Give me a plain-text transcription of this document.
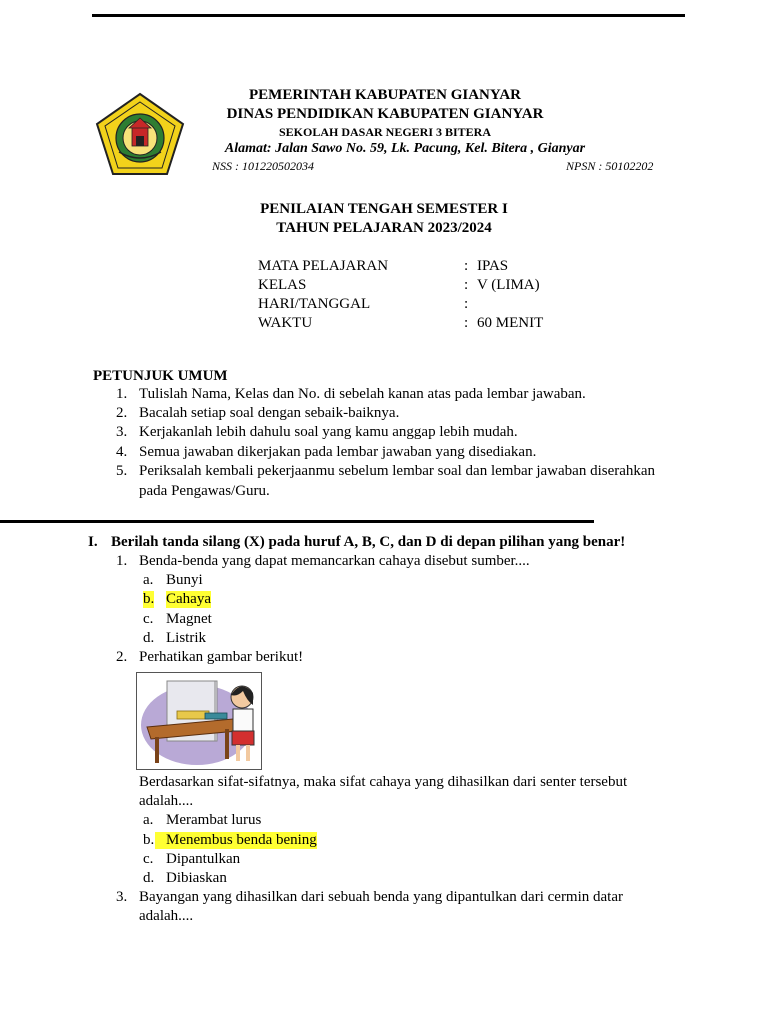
PEMERINTAH KABUPATEN GIANYAR
DINAS PENDIDIKAN KABUPATEN GIANYAR
SEKOLAH DASAR NEGERI 3 BITERA
Alamat: Jalan Sawo No. 59, Lk. Pacung, Kel. Bitera , Gianyar
NSS : 101220502034	NPSN : 50102202
PENILAIAN TENGAH SEMESTER I
TAHUN PELAJARAN 2023/2024
MATA PELAJARAN	: IPAS
KELAS	: V (LIMA)
HARI/TANGGAL	:
WAKTU	: 60 MENIT
PETUNJUK UMUM
1. Tulislah Nama, Kelas dan No. di sebelah kanan atas pada lembar jawaban.
2. Bacalah setiap soal dengan sebaik-baiknya.
3. Kerjakanlah lebih dahulu soal yang kamu anggap lebih mudah.
4. Semua jawaban dikerjakan pada lembar jawaban yang disediakan.
5. Periksalah kembali pekerjaanmu sebelum lembar soal dan lembar jawaban diserahkan
pada Pengawas/Guru.
I. Berilah tanda silang (X) pada huruf A, B, C, dan D di depan pilihan yang benar!
1. Benda-benda yang dapat memancarkan cahaya disebut sumber....
a. Bunyi
b. Cahaya
c. Magnet
d. Listrik
2. Perhatikan gambar berikut!
Berdasarkan sifat-sifatnya, maka sifat cahaya yang dihasilkan dari senter tersebut
adalah....
a. Merambat lurus
b. Menembus benda bening
c. Dipantulkan
d. Dibiaskan
3. Bayangan yang dihasilkan dari sebuah benda yang dipantulkan dari cermin datar
adalah....
